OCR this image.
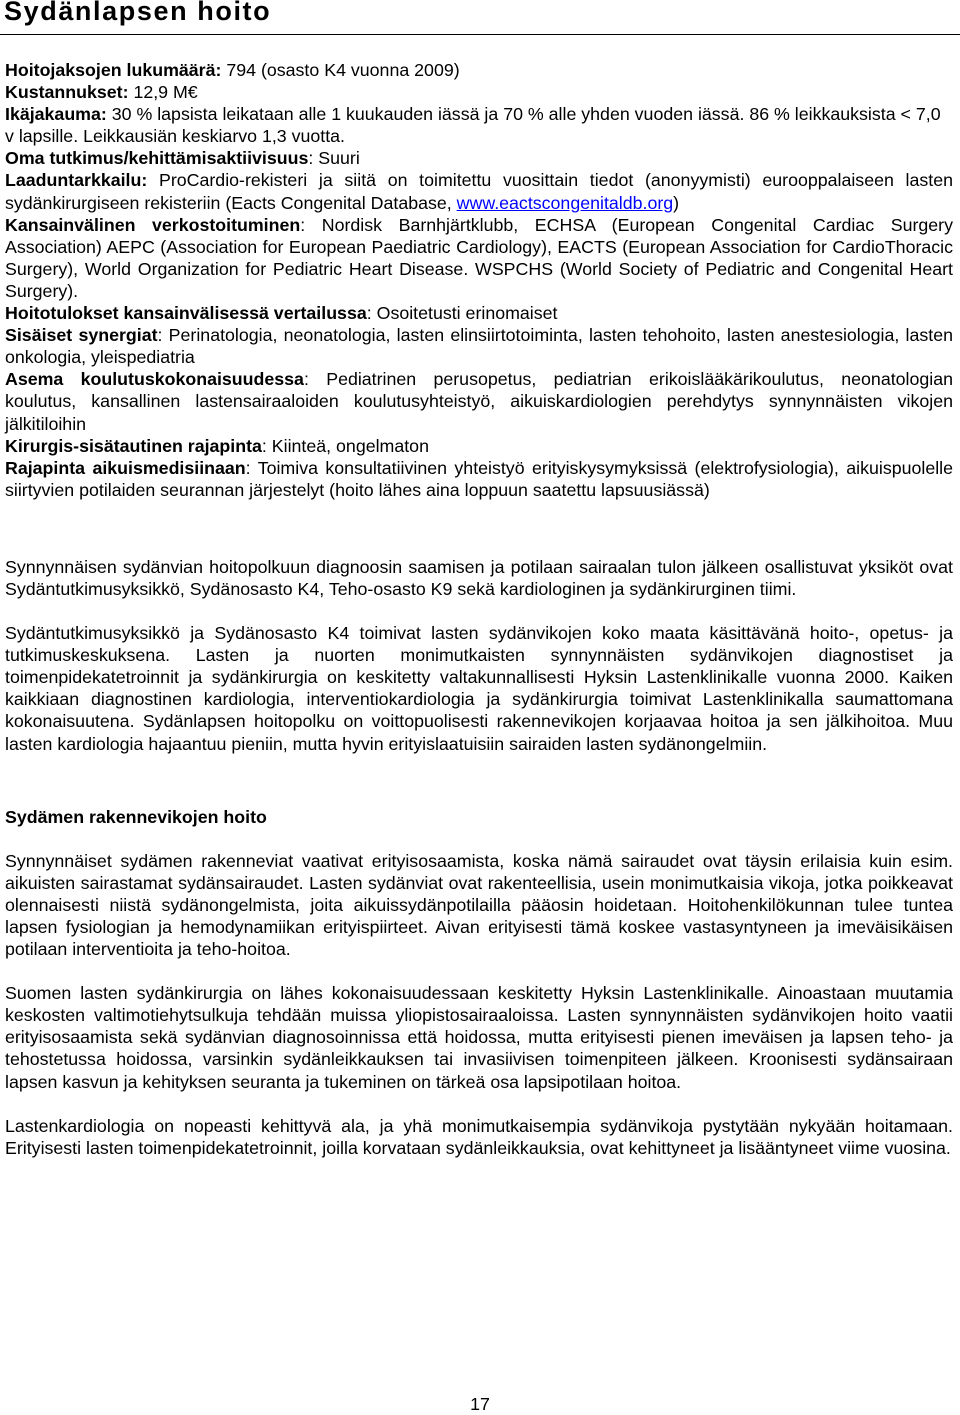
Sydänlapsen hoito

Hoitojaksojen lukumäärä: 794 (osasto K4 vuonna 2009)

Kustannukset: 12,9 M€

Ikäjakauma: 30 % lapsista leikataan alle 1 kuukauden iässä ja 70 % alle yhden vuoden iässä. 86 % leikkauksista < 7,0 v lapsille. Leikkausiän keskiarvo 1,3 vuotta.

Oma tutkimus/kehittämisaktiivisuus: Suuri

Laaduntarkkailu: ProCardio-rekisteri ja siitä on toimitettu vuosittain tiedot (anonyymisti) eurooppalaiseen lasten sydänkirurgiseen rekisteriin (Eacts Congenital Database, www.eactscongenitaldb.org)

Kansainvälinen verkostoituminen: Nordisk Barnhjärtklubb, ECHSA (European Congenital Cardiac Surgery Association) AEPC (Association for European Paediatric Cardiology), EACTS (European Association for CardioThoracic Surgery), World Organization for Pediatric Heart Disease. WSPCHS (World Society of Pediatric and Congenital Heart Surgery).

Hoitotulokset kansainvälisessä vertailussa: Osoitetusti erinomaiset

Sisäiset synergiat: Perinatologia, neonatologia, lasten elinsiirtotoiminta, lasten tehohoito, lasten anestesiologia, lasten onkologia, yleispediatria

Asema koulutuskokonaisuudessa: Pediatrinen perusopetus, pediatrian erikoislääkärikoulutus, neonatologian koulutus, kansallinen lastensairaaloiden koulutusyhteistyö, aikuiskardiologien perehdytys synnynnäisten vikojen jälkitiloihin

Kirurgis-sisätautinen rajapinta: Kiinteä, ongelmaton

Rajapinta aikuismedisiinaan: Toimiva konsultatiivinen yhteistyö erityiskysymyksissä (elektrofysiologia), aikuispuolelle siirtyvien potilaiden seurannan järjestelyt (hoito lähes aina loppuun saatettu lapsuusiässä)

Synnynnäisen sydänvian hoitopolkuun diagnoosin saamisen ja potilaan sairaalan tulon jälkeen osallistuvat yksiköt ovat Sydäntutkimusyksikkö, Sydänosasto K4, Teho-osasto K9 sekä kardiologinen ja sydänkirurginen tiimi.

Sydäntutkimusyksikkö ja Sydänosasto K4 toimivat lasten sydänvikojen koko maata käsittävänä hoito-, opetus- ja tutkimuskeskuksena. Lasten ja nuorten monimutkaisten synnynnäisten sydänvikojen diagnostiset ja toimenpidekatetroinnit ja sydänkirurgia on keskitetty valtakunnallisesti Hyksin Lastenklinikalle vuonna 2000. Kaiken kaikkiaan diagnostinen kardiologia, interventiokardiologia ja sydänkirurgia toimivat Lastenklinikalla saumattomana kokonaisuutena. Sydänlapsen hoitopolku on voittopuolisesti rakennevikojen korjaavaa hoitoa ja sen jälkihoitoa. Muu lasten kardiologia hajaantuu pieniin, mutta hyvin erityislaatuisiin sairaiden lasten sydänongelmiin.

Sydämen rakennevikojen hoito

Synnynnäiset sydämen rakenneviat vaativat erityisosaamista, koska nämä sairaudet ovat täysin erilaisia kuin esim. aikuisten sairastamat sydänsairaudet. Lasten sydänviat ovat rakenteellisia, usein monimutkaisia vikoja, jotka poikkeavat olennaisesti niistä sydänongelmista, joita aikuissydänpotilailla pääosin hoidetaan. Hoitohenkilökunnan tulee tuntea lapsen fysiologian ja hemodynamiikan erityispiirteet. Aivan erityisesti tämä koskee vastasyntyneen ja imeväisikäisen potilaan interventioita ja teho-hoitoa.

Suomen lasten sydänkirurgia on lähes kokonaisuudessaan keskitetty Hyksin Lastenklinikalle. Ainoastaan muutamia keskosten valtimotiehytsulkuja tehdään muissa yliopistosairaaloissa. Lasten synnynnäisten sydänvikojen hoito vaatii erityisosaamista sekä sydänvian diagnosoinnissa että hoidossa, mutta erityisesti pienen imeväisen ja lapsen teho- ja tehostetussa hoidossa, varsinkin sydänleikkauksen tai invasiivisen toimenpiteen jälkeen. Kroonisesti sydänsairaan lapsen kasvun ja kehityksen seuranta ja tukeminen on tärkeä osa lapsipotilaan hoitoa.

Lastenkardiologia on nopeasti kehittyvä ala, ja yhä monimutkaisempia sydänvikoja pystytään nykyään hoitamaan. Erityisesti lasten toimenpidekatetroinnit, joilla korvataan sydänleikkauksia, ovat kehittyneet ja lisääntyneet viime vuosina.

17
